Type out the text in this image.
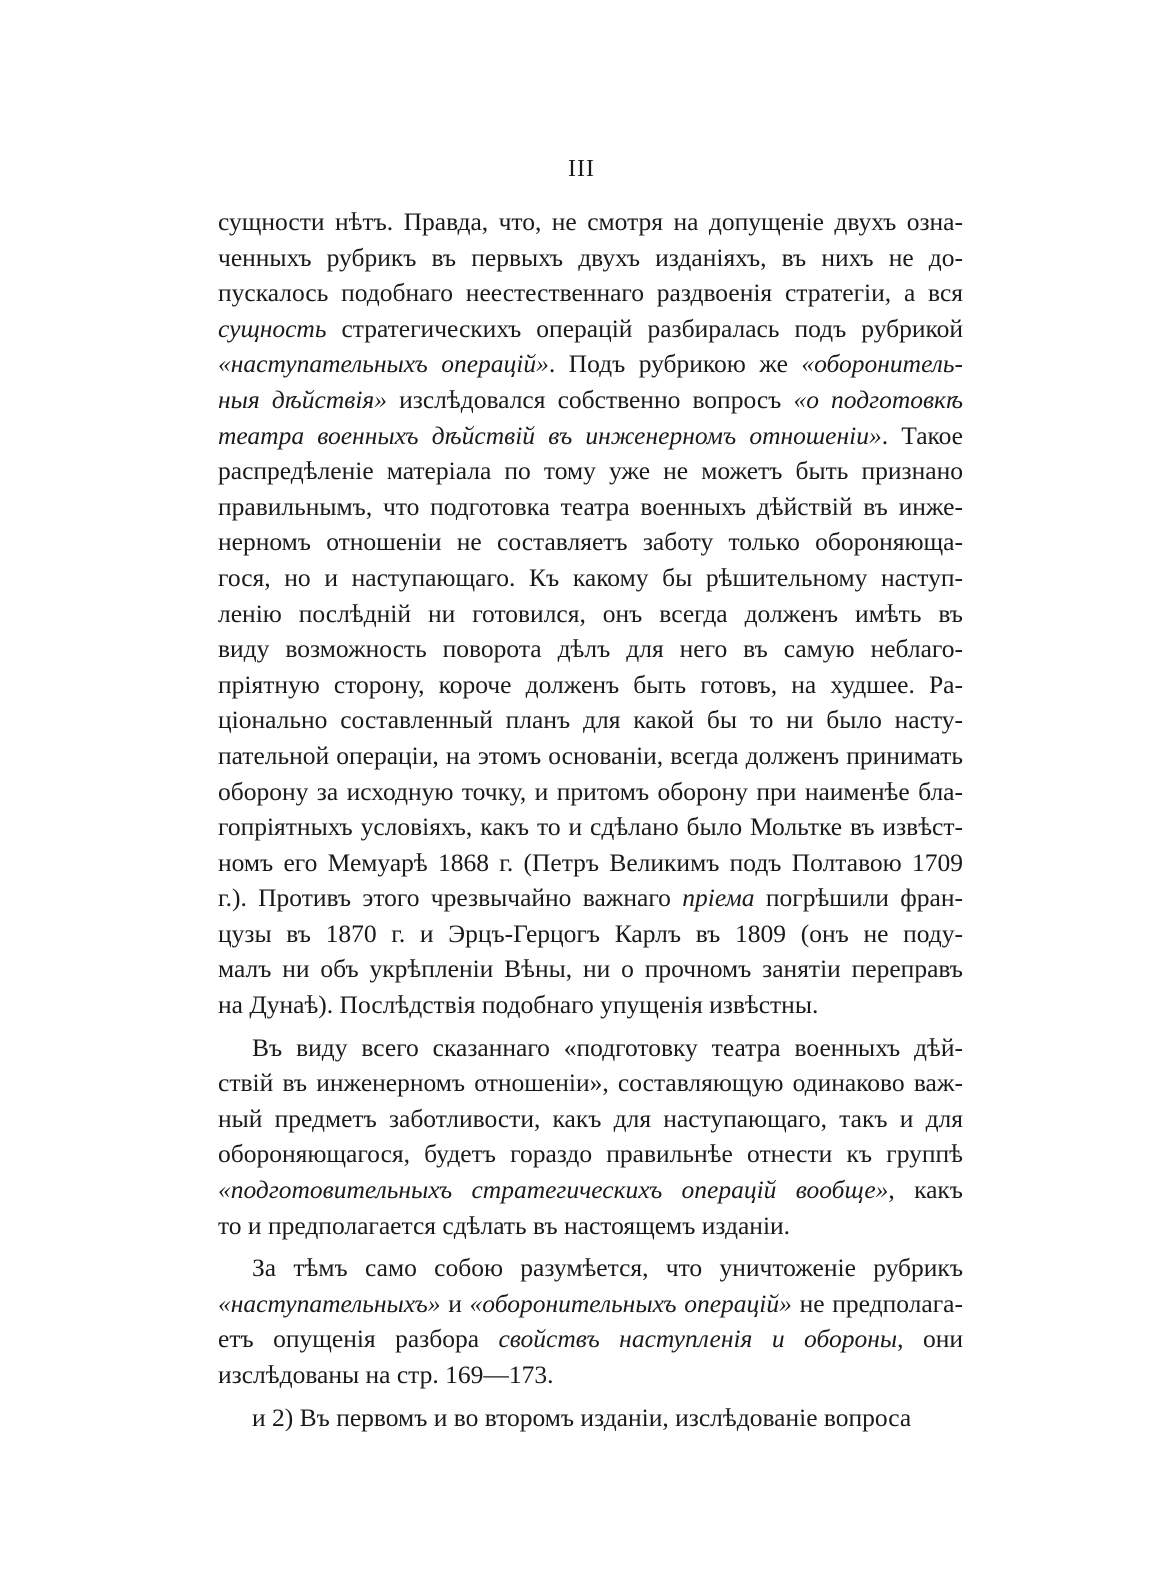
III
сущности нѣтъ. Правда, что, не смотря на допущеніе двухъ озна-
ченныхъ рубрикъ въ первыхъ двухъ изданіяхъ, въ нихъ не до-
пускалось подобнаго неестественнаго раздвоенія стратегіи, а вся
сущность стратегическихъ операцій разбиралась подъ рубрикой
«наступательныхъ операцій». Подъ рубрикою же «оборонитель-
ныя дѣйствія» изслѣдовался собственно вопросъ «о подготовкѣ
театра военныхъ дѣйствій въ инженерномъ отношеніи». Такое
распредѣленіе матеріала по тому уже не можетъ быть признано
правильнымъ, что подготовка театра военныхъ дѣйствій въ инже-
нерномъ отношеніи не составляетъ заботу только обороняюща-
гося, но и наступающаго. Къ какому бы рѣшительному наступ-
ленію послѣдній ни готовился, онъ всегда долженъ имѣть въ
виду возможность поворота дѣлъ для него въ самую неблаго-
пріятную сторону, короче долженъ быть готовъ, на худшее. Ра-
ціонально составленный планъ для какой бы то ни было насту-
пательной операціи, на этомъ основаніи, всегда долженъ принимать
оборону за исходную точку, и притомъ оборону при наименѣе бла-
гопріятныхъ условіяхъ, какъ то и сдѣлано было Мольтке въ извѣст-
номъ его Мемуарѣ 1868 г. (Петръ Великимъ подъ Полтавою 1709
г.). Противъ этого чрезвычайно важнаго пріема погрѣшили фран-
цузы въ 1870 г. и Эрцъ-Герцогъ Карлъ въ 1809 (онъ не поду-
малъ ни объ укрѣпленіи Вѣны, ни о прочномъ занятіи переправъ
на Дунаѣ). Послѣдствія подобнаго упущенія извѣстны.
Въ виду всего сказаннаго «подготовку театра военныхъ дѣй-
ствій въ инженерномъ отношеніи», составляющую одинаково важ-
ный предметъ заботливости, какъ для наступающаго, такъ и для
обороняющагося, будетъ гораздо правильнѣе отнести къ группѣ
«подготовительныхъ стратегическихъ операцій вообще», какъ
то и предполагается сдѣлать въ настоящемъ изданіи.
За тѣмъ само собою разумѣется, что уничтоженіе рубрикъ
«наступательныхъ» и «оборонительныхъ операцій» не предполага-
етъ опущенія разбора свойствъ наступленія и обороны, они
изслѣдованы на стр. 169—173.
и 2) Въ первомъ и во второмъ изданіи, изслѣдованіе вопроса
